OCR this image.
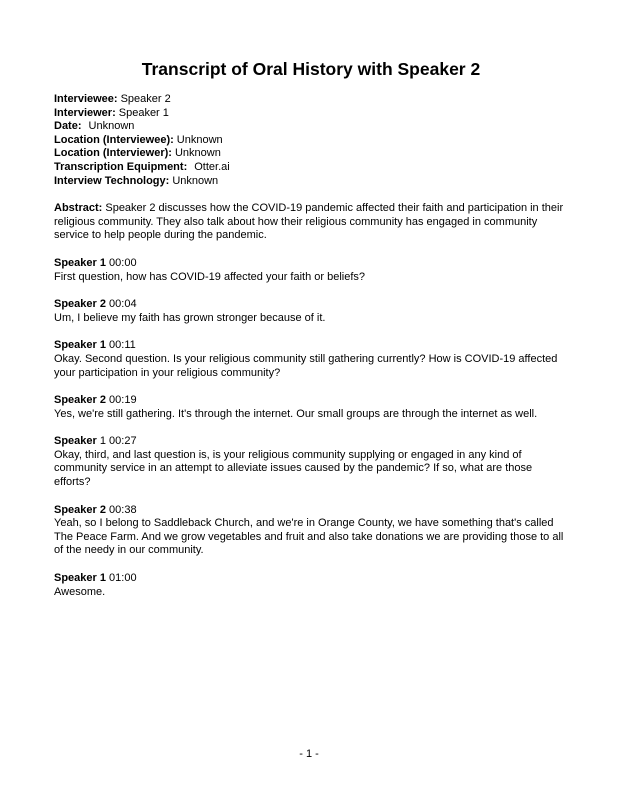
Transcript of Oral History with Speaker 2
Interviewee: Speaker 2
Interviewer: Speaker 1
Date: Unknown
Location (Interviewee): Unknown
Location (Interviewer): Unknown
Transcription Equipment: Otter.ai
Interview Technology: Unknown

Abstract: Speaker 2 discusses how the COVID-19 pandemic affected their faith and participation in their religious community. They also talk about how their religious community has engaged in community service to help people during the pandemic.

Speaker 1 00:00
First question, how has COVID-19 affected your faith or beliefs?
Speaker 2 00:04
Um, I believe my faith has grown stronger because of it.
Speaker 1 00:11
Okay. Second question. Is your religious community still gathering currently? How is COVID-19 affected your participation in your religious community?
Speaker 2 00:19
Yes, we're still gathering. It's through the internet. Our small groups are through the internet as well.
Speaker 1 00:27
Okay, third, and last question is, is your religious community supplying or engaged in any kind of community service in an attempt to alleviate issues caused by the pandemic? If so, what are those efforts?
Speaker 2 00:38
Yeah, so I belong to Saddleback Church, and we're in Orange County, we have something that's called The Peace Farm. And we grow vegetables and fruit and also take donations we are providing those to all of the needy in our community.
Speaker 1 01:00
Awesome.
- 1 -
